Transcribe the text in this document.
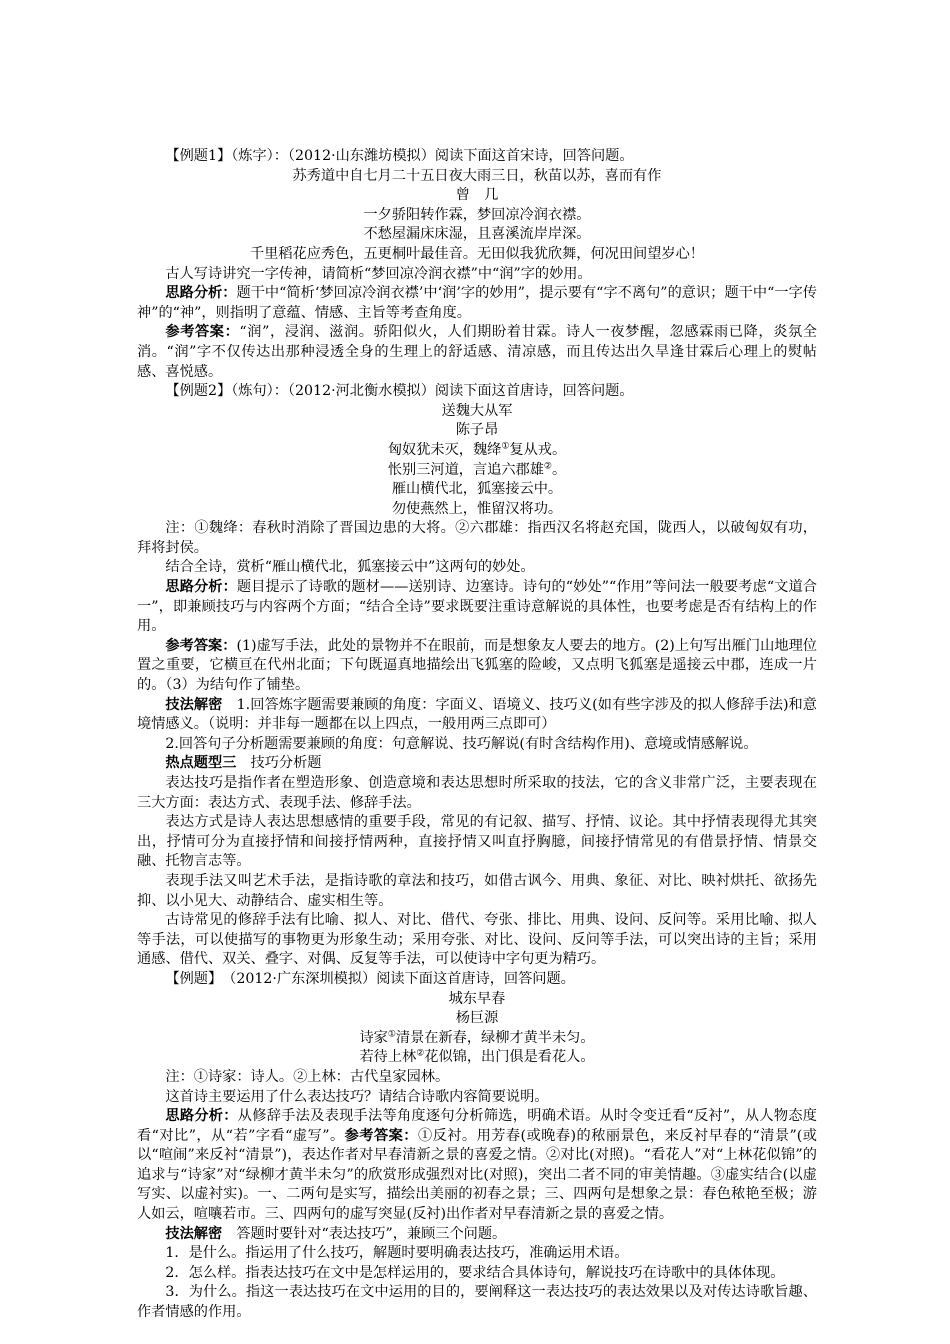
【例题1】（炼字）：（2012·山东潍坊模拟）阅读下面这首宋诗，回答问题。

苏秀道中自七月二十五日夜大雨三日，秋苗以苏，喜而有作

曾　几

一夕骄阳转作霖，梦回凉冷润衣襟。

不愁屋漏床床湿，且喜溪流岸岸深。

千里稻花应秀色，五更桐叶最佳音。无田似我犹欣舞，何况田间望岁心！

古人写诗讲究一字传神，请简析“梦回凉冷润衣襟”中“润”字的妙用。

思路分析：题干中“简析‘梦回凉冷润衣襟’中‘润’字的妙用”，提示要有“字不离句”的意识；题干中“一字传神”的“神”，则指明了意蕴、情感、主旨等考查角度。

参考答案：“润”，浸润、滋润。骄阳似火，人们期盼着甘霖。诗人一夜梦醒，忽感霖雨已降，炎氛全消。“润”字不仅传达出那种浸透全身的生理上的舒适感、清凉感，而且传达出久旱逢甘霖后心理上的熨帖感、喜悦感。

【例题2】（炼句）：（2012·河北衡水模拟）阅读下面这首唐诗，回答问题。

送魏大从军

陈子昂

匈奴犹未灭，魏绛①复从戎。

怅别三河道，言追六郡雄②。

雁山横代北，狐塞接云中。

勿使燕然上，惟留汉将功。

注：①魏绛：春秋时消除了晋国边患的大将。②六郡雄：指西汉名将赵充国，陇西人，以破匈奴有功，拜将封侯。

结合全诗，赏析“雁山横代北，狐塞接云中”这两句的妙处。

思路分析：题目提示了诗歌的题材——送别诗、边塞诗。诗句的“妙处”“作用”等问法一般要考虑“文道合一”，即兼顾技巧与内容两个方面；“结合全诗”要求既要注重诗意解说的具体性，也要考虑是否有结构上的作用。

参考答案：(1)虚写手法，此处的景物并不在眼前，而是想象友人要去的地方。(2)上句写出雁门山地理位置之重要，它横亘在代州北面；下句既逼真地描绘出飞狐塞的险峻，又点明飞狐塞是遥接云中郡，连成一片的。（3）为结句作了铺垫。

技法解密　1.回答炼字题需要兼顾的角度：字面义、语境义、技巧义(如有些字涉及的拟人修辞手法)和意境情感义。（说明：并非每一题都在以上四点，一般用两三点即可）

2.回答句子分析题需要兼顾的角度：句意解说、技巧解说(有时含结构作用)、意境或情感解说。

热点题型三　技巧分析题

表达技巧是指作者在塑造形象、创造意境和表达思想时所采取的技法，它的含义非常广泛，主要表现在三大方面：表达方式、表现手法、修辞手法。

表达方式是诗人表达思想感情的重要手段，常见的有记叙、描写、抒情、议论。其中抒情表现得尤其突出，抒情可分为直接抒情和间接抒情两种，直接抒情又叫直抒胸臆，间接抒情常见的有借景抒情、情景交融、托物言志等。

表现手法又叫艺术手法，是指诗歌的章法和技巧，如借古讽今、用典、象征、对比、映衬烘托、欲扬先抑、以小见大、动静结合、虚实相生等。

古诗常见的修辞手法有比喻、拟人、对比、借代、夸张、排比、用典、设问、反问等。采用比喻、拟人等手法，可以使描写的事物更为形象生动；采用夸张、对比、设问、反问等手法，可以突出诗的主旨；采用通感、借代、双关、叠字、对偶、反复等手法，可以使诗中字句更为精巧。

【例题】　（2012·广东深圳模拟）阅读下面这首唐诗，回答问题。

城东早春

杨巨源

诗家①清景在新春，绿柳才黄半未匀。

若待上林②花似锦，出门俱是看花人。

注：①诗家：诗人。②上林：古代皇家园林。

这首诗主要运用了什么表达技巧？请结合诗歌内容简要说明。

思路分析：从修辞手法及表现手法等角度逐句分析筛选，明确术语。从时令变迁看“反衬”，从人物态度看“对比”，从“若”字看“虚写”。参考答案：①反衬。用芳春(或晚春)的秾丽景色，来反衬早春的“清景”(或以“喧闹”来反衬“清景”)，表达作者对早春清新之景的喜爱之情。②对比(对照)。“看花人”对“上林花似锦”的追求与“诗家”对“绿柳才黄半未匀”的欣赏形成强烈对比(对照)，突出二者不同的审美情趣。③虚实结合(以虚写实、以虚衬实)。一、二两句是实写，描绘出美丽的初春之景；三、四两句是想象之景：春色秾艳至极；游人如云，喧嚷若市。三、四两句的虚写突显(反衬)出作者对早春清新之景的喜爱之情。

技法解密　答题时要针对“表达技巧”，兼顾三个问题。

1．是什么。指运用了什么技巧，解题时要明确表达技巧，准确运用术语。

2．怎么样。指表达技巧在文中是怎样运用的，要求结合具体诗句，解说技巧在诗歌中的具体体现。

3．为什么。指这一表达技巧在文中运用的目的，要阐释这一表达技巧的表达效果以及对传达诗歌旨趣、作者情感的作用。
